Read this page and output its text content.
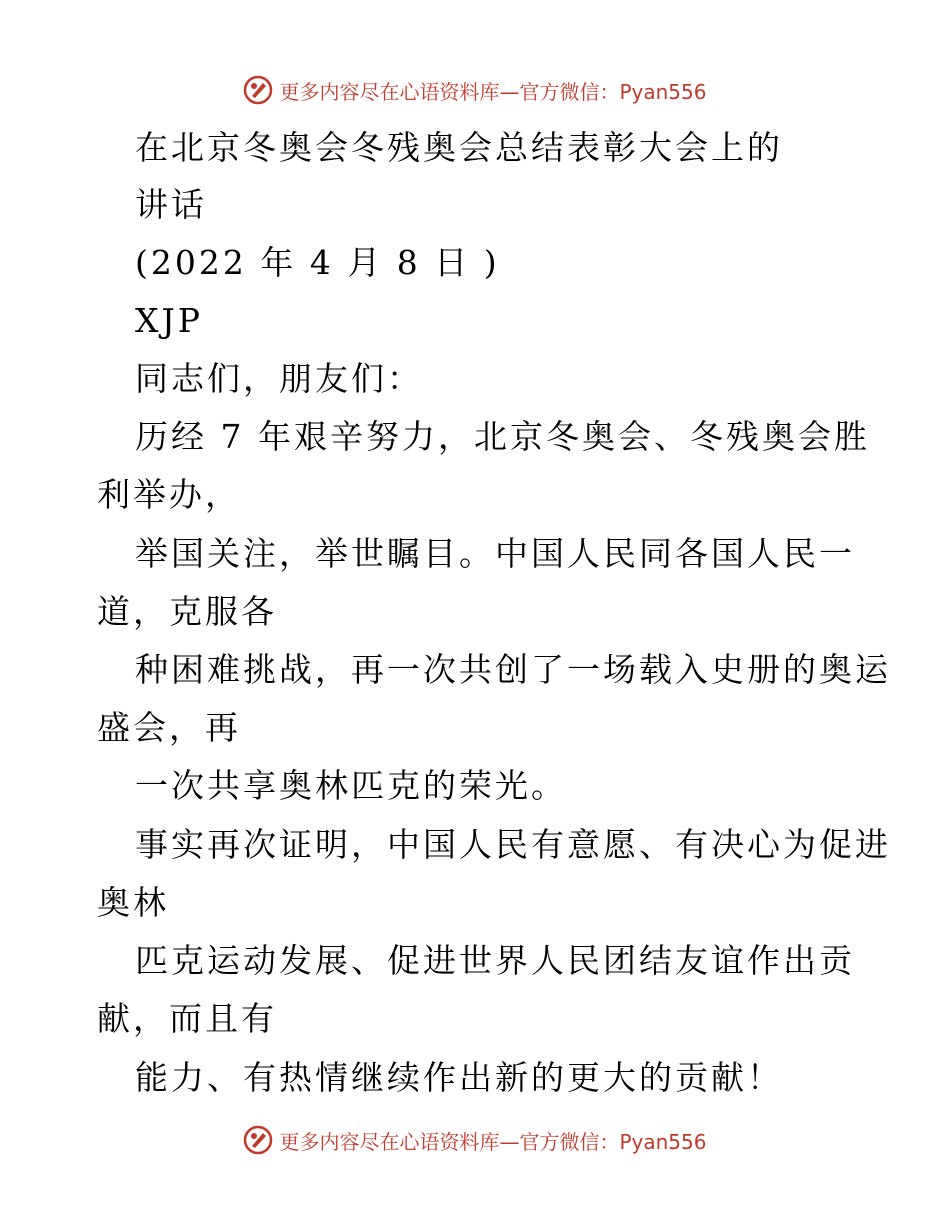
更多内容尽在心语资料库—官方微信：Pyan556
在北京冬奥会冬残奥会总结表彰大会上的
讲话
(2022 年 4 月 8 日 )
XJP
同志们，朋友们：
历经 7 年艰辛努力，北京冬奥会、冬残奥会胜
利举办，
举国关注，举世瞩目。中国人民同各国人民一
道，克服各
种困难挑战，再一次共创了一场载入史册的奥运
盛会，再
一次共享奥林匹克的荣光。
事实再次证明，中国人民有意愿、有决心为促进
奥林
匹克运动发展、促进世界人民团结友谊作出贡
献，而且有
能力、有热情继续作出新的更大的贡献！
更多内容尽在心语资料库—官方微信：Pyan556
